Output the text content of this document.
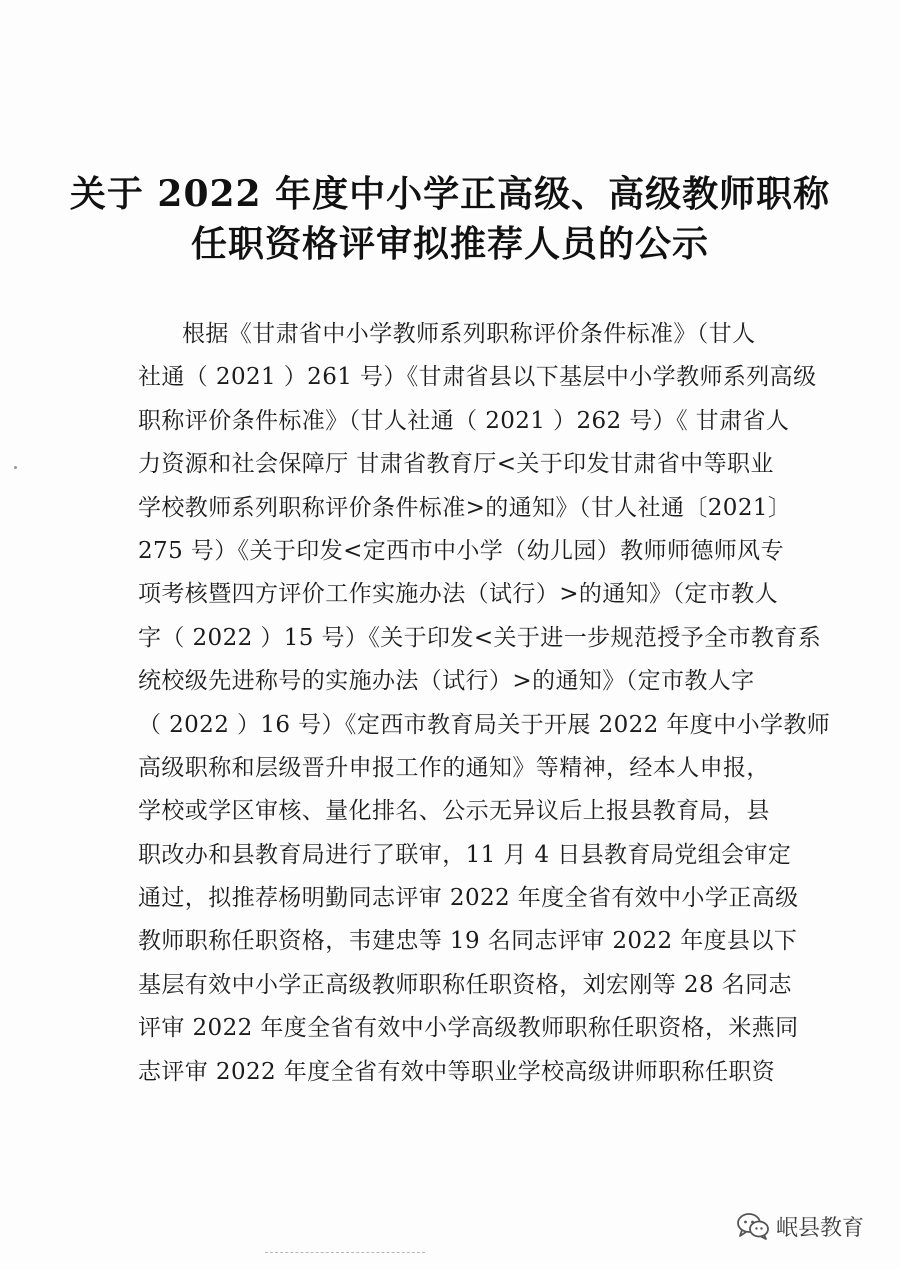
关于 2022 年度中小学正高级、高级教师职称
任职资格评审拟推荐人员的公示
根据《甘肃省中小学教师系列职称评价条件标准》（甘人
社通（ 2021 ）261 号）《甘肃省县以下基层中小学教师系列高级
职称评价条件标准》（甘人社通（ 2021 ）262 号）《 甘肃省人
力资源和社会保障厅 甘肃省教育厅<关于印发甘肃省中等职业
学校教师系列职称评价条件标准>的通知》（甘人社通〔2021〕
275 号）《关于印发<定西市中小学（幼儿园）教师师德师风专
项考核暨四方评价工作实施办法（试行）>的通知》（定市教人
字（ 2022 ）15 号）《关于印发<关于进一步规范授予全市教育系
统校级先进称号的实施办法（试行）>的通知》（定市教人字
（ 2022 ）16 号）《定西市教育局关于开展 2022 年度中小学教师
高级职称和层级晋升申报工作的通知》等精神，经本人申报，
学校或学区审核、量化排名、公示无异议后上报县教育局，县
职改办和县教育局进行了联审，11 月 4 日县教育局党组会审定
通过，拟推荐杨明勤同志评审 2022 年度全省有效中小学正高级
教师职称任职资格，韦建忠等 19 名同志评审 2022 年度县以下
基层有效中小学正高级教师职称任职资格，刘宏刚等 28 名同志
评审 2022 年度全省有效中小学高级教师职称任职资格，米燕同
志评审 2022 年度全省有效中等职业学校高级讲师职称任职资
岷县教育
